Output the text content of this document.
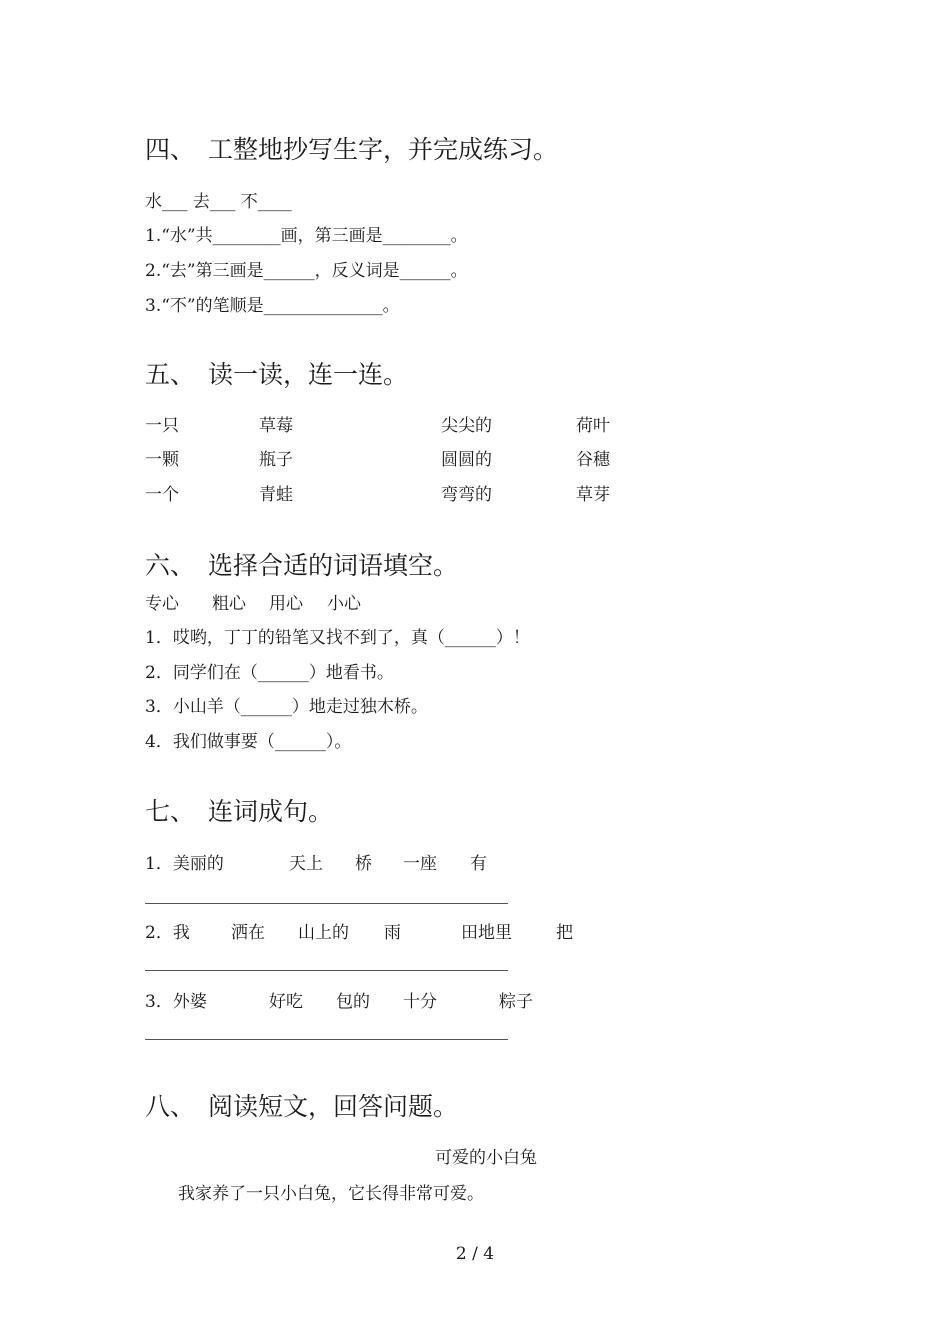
四、 工整地抄写生字，并完成练习。
水___ 去___ 不____
1.“水”共________画，第三画是________。
2.“去”第三画是______，反义词是______。
3.“不”的笔顺是______________。
五、 读一读，连一连。
一只	草莓	尖尖的	荷叶
一颗	瓶子	圆圆的	谷穗
一个	青蛙	弯弯的	草芽
六、 选择合适的词语填空。
专心 粗心 用心 小心
1．哎哟，丁丁的铅笔又找不到了，真（______）！
2．同学们在（______）地看书。
3．小山羊（______）地走过独木桥。
4．我们做事要（______）。
七、 连词成句。
1．美丽的	天上 桥 一座 有
2．我 洒在 山上的 雨	田地里	把
3．外婆	好吃 包的 十分	粽子
八、 阅读短文，回答问题。
可爱的小白兔
我家养了一只小白兔，它长得非常可爱。
2 / 4
